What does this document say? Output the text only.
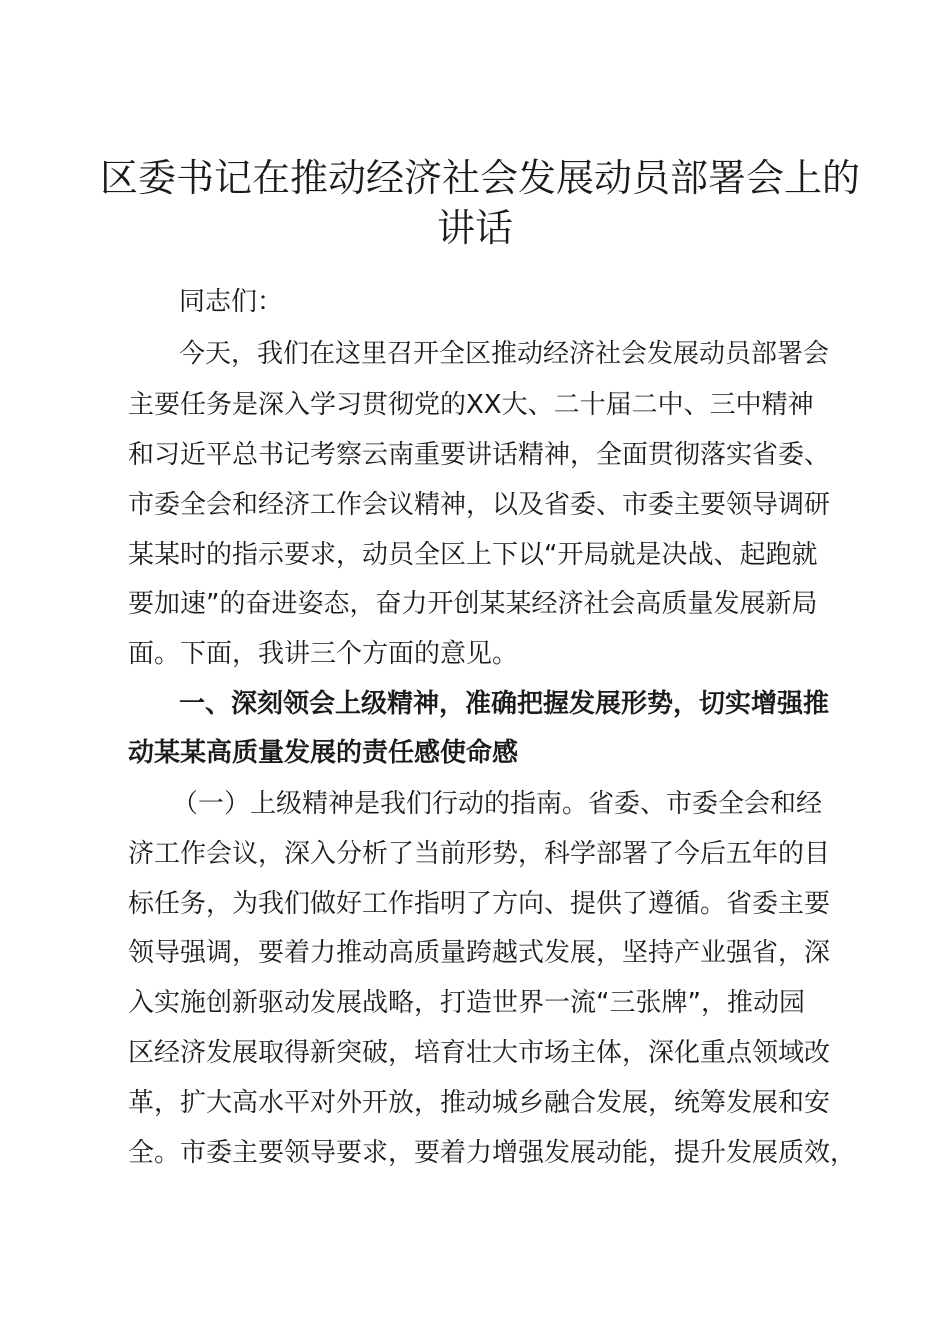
区委书记在推动经济社会发展动员部署会上的
讲话
同志们：
今天，我们在这里召开全区推动经济社会发展动员部署会
主要任务是深入学习贯彻党的XX大、二十届二中、三中精神
和习近平总书记考察云南重要讲话精神，全面贯彻落实省委、
市委全会和经济工作会议精神，以及省委、市委主要领导调研
某某时的指示要求，动员全区上下以“开局就是决战、起跑就
要加速”的奋进姿态，奋力开创某某经济社会高质量发展新局
面。下面，我讲三个方面的意见。
一、深刻领会上级精神，准确把握发展形势，切实增强推
动某某高质量发展的责任感使命感
（一）上级精神是我们行动的指南。省委、市委全会和经
济工作会议，深入分析了当前形势，科学部署了今后五年的目
标任务，为我们做好工作指明了方向、提供了遵循。省委主要
领导强调，要着力推动高质量跨越式发展，坚持产业强省，深
入实施创新驱动发展战略，打造世界一流“三张牌”，推动园
区经济发展取得新突破，培育壮大市场主体，深化重点领域改
革，扩大高水平对外开放，推动城乡融合发展，统筹发展和安
全。市委主要领导要求，要着力增强发展动能，提升发展质效，
